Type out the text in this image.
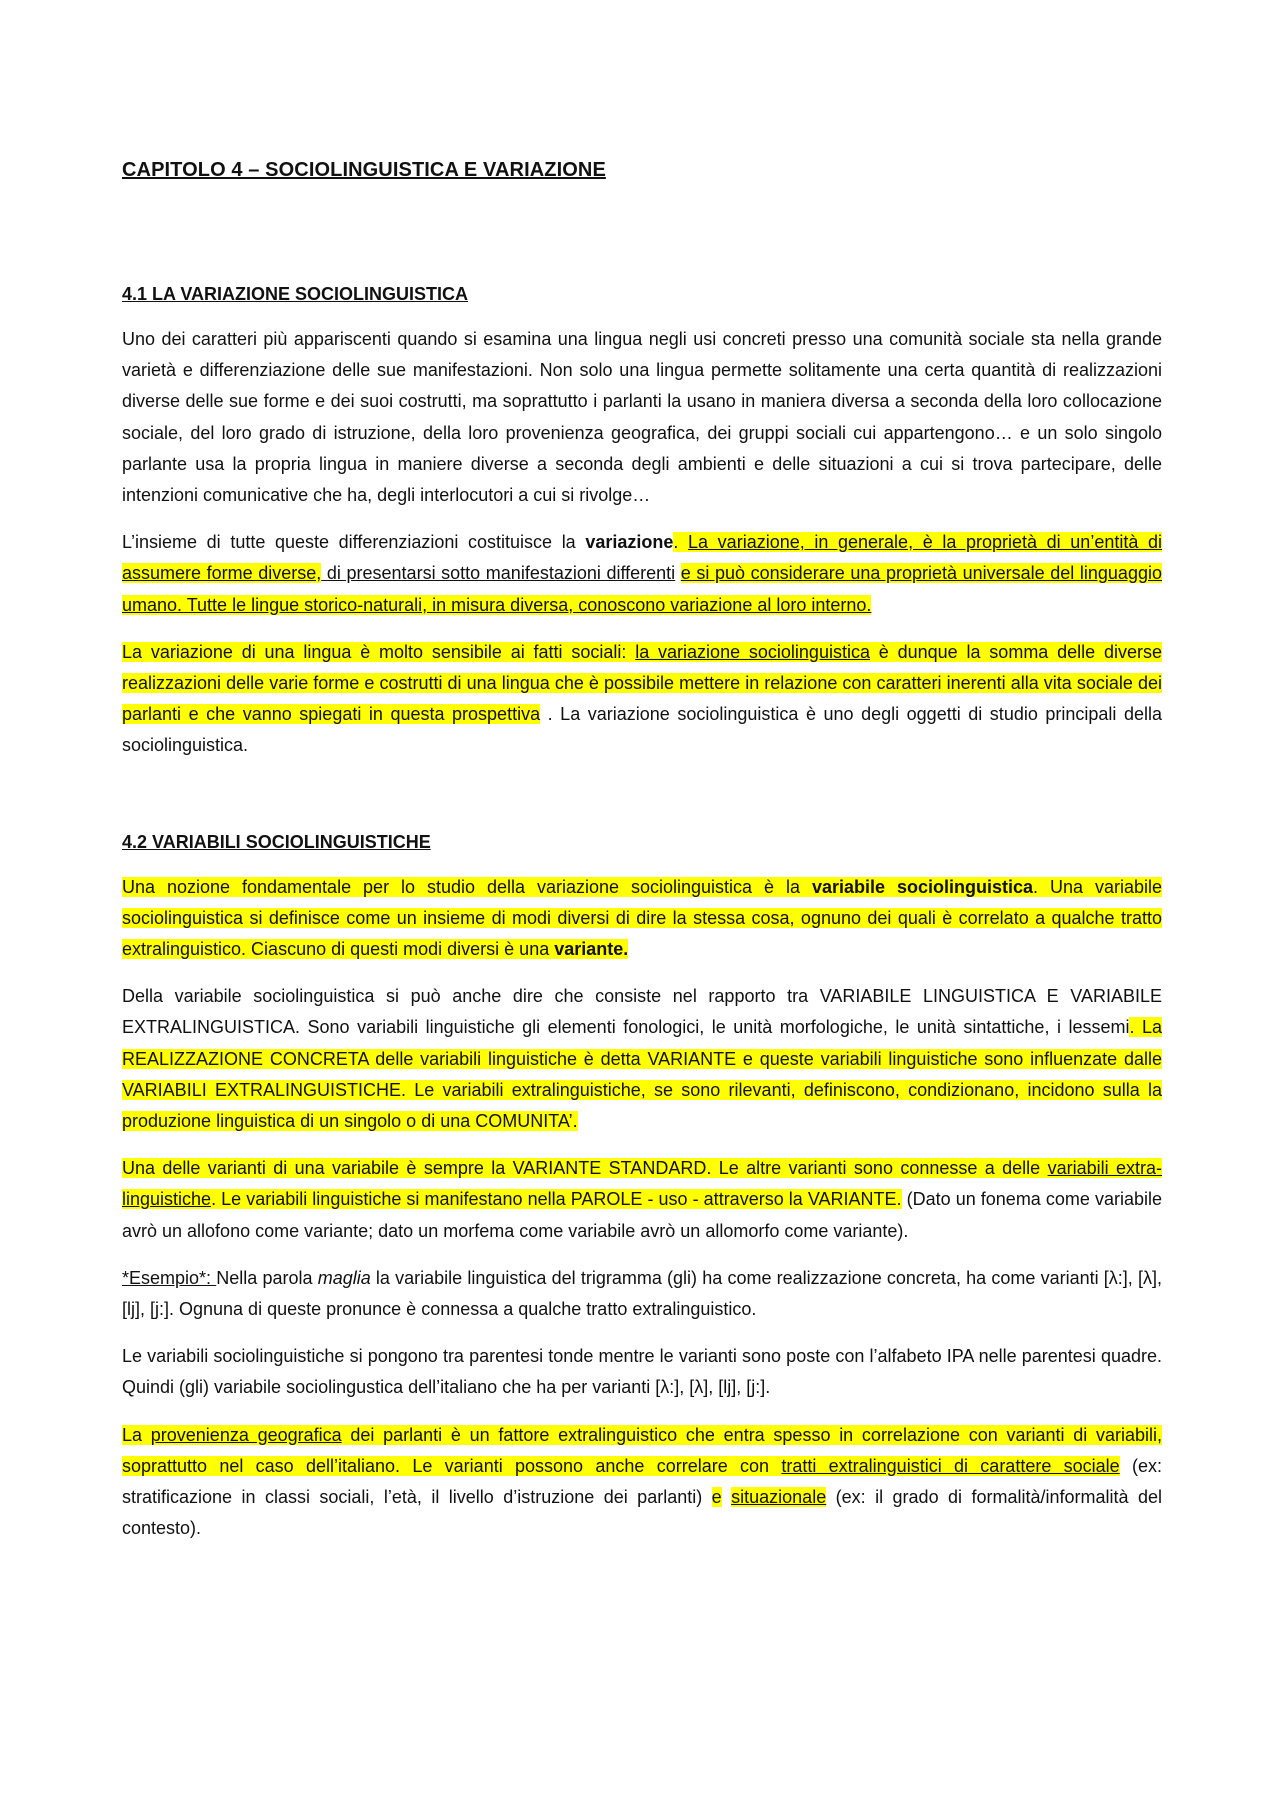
CAPITOLO 4 – SOCIOLINGUISTICA E VARIAZIONE
4.1 LA VARIAZIONE SOCIOLINGUISTICA

Uno dei caratteri più appariscenti quando si esamina una lingua negli usi concreti presso una comunità sociale sta nella grande varietà e differenziazione delle sue manifestazioni. Non solo una lingua permette solitamente una certa quantità di realizzazioni diverse delle sue forme e dei suoi costrutti, ma soprattutto i parlanti la usano in maniera diversa a seconda della loro collocazione sociale, del loro grado di istruzione, della loro provenienza geografica, dei gruppi sociali cui appartengono… e un solo singolo parlante usa la propria lingua in maniere diverse a seconda degli ambienti e delle situazioni a cui si trova partecipare, delle intenzioni comunicative che ha, degli interlocutori a cui si rivolge…

L’insieme di tutte queste differenziazioni costituisce la variazione. La variazione, in generale, è la proprietà di un’entità di assumere forme diverse, di presentarsi sotto manifestazioni differenti e si può considerare una proprietà universale del linguaggio umano. Tutte le lingue storico-naturali, in misura diversa, conoscono variazione al loro interno.

La variazione di una lingua è molto sensibile ai fatti sociali: la variazione sociolinguistica è dunque la somma delle diverse realizzazioni delle varie forme e costrutti di una lingua che è possibile mettere in relazione con caratteri inerenti alla vita sociale dei parlanti e che vanno spiegati in questa prospettiva . La variazione sociolinguistica è uno degli oggetti di studio principali della sociolinguistica.

4.2 VARIABILI SOCIOLINGUISTICHE

Una nozione fondamentale per lo studio della variazione sociolinguistica è la variabile sociolinguistica. Una variabile sociolinguistica si definisce come un insieme di modi diversi di dire la stessa cosa, ognuno dei quali è correlato a qualche tratto extralinguistico. Ciascuno di questi modi diversi è una variante.

Della variabile sociolinguistica si può anche dire che consiste nel rapporto tra VARIABILE LINGUISTICA E VARIABILE EXTRALINGUISTICA. Sono variabili linguistiche gli elementi fonologici, le unità morfologiche, le unità sintattiche, i lessemi. La REALIZZAZIONE CONCRETA delle variabili linguistiche è detta VARIANTE e queste variabili linguistiche sono influenzate dalle VARIABILI EXTRALINGUISTICHE. Le variabili extralinguistiche, se sono rilevanti, definiscono, condizionano, incidono sulla la produzione linguistica di un singolo o di una COMUNITA’.

Una delle varianti di una variabile è sempre la VARIANTE STANDARD. Le altre varianti sono connesse a delle variabili extra-linguistiche. Le variabili linguistiche si manifestano nella PAROLE - uso - attraverso la VARIANTE. (Dato un fonema come variabile avrò un allofono come variante; dato un morfema come variabile avrò un allomorfo come variante).

*Esempio*: Nella parola maglia la variabile linguistica del trigramma (gli) ha come realizzazione concreta, ha come varianti [λ:], [λ], [lj], [j:]. Ognuna di queste pronunce è connessa a qualche tratto extralinguistico.

Le variabili sociolinguistiche si pongono tra parentesi tonde mentre le varianti sono poste con l’alfabeto IPA nelle parentesi quadre. Quindi (gli) variabile sociolingustica dell’italiano che ha per varianti [λ:], [λ], [lj], [j:].

La provenienza geografica dei parlanti è un fattore extralinguistico che entra spesso in correlazione con varianti di variabili, soprattutto nel caso dell’italiano. Le varianti possono anche correlare con tratti extralinguistici di carattere sociale (ex: stratificazione in classi sociali, l’età, il livello d’istruzione dei parlanti) e situazionale (ex: il grado di formalità/informalità del contesto).
